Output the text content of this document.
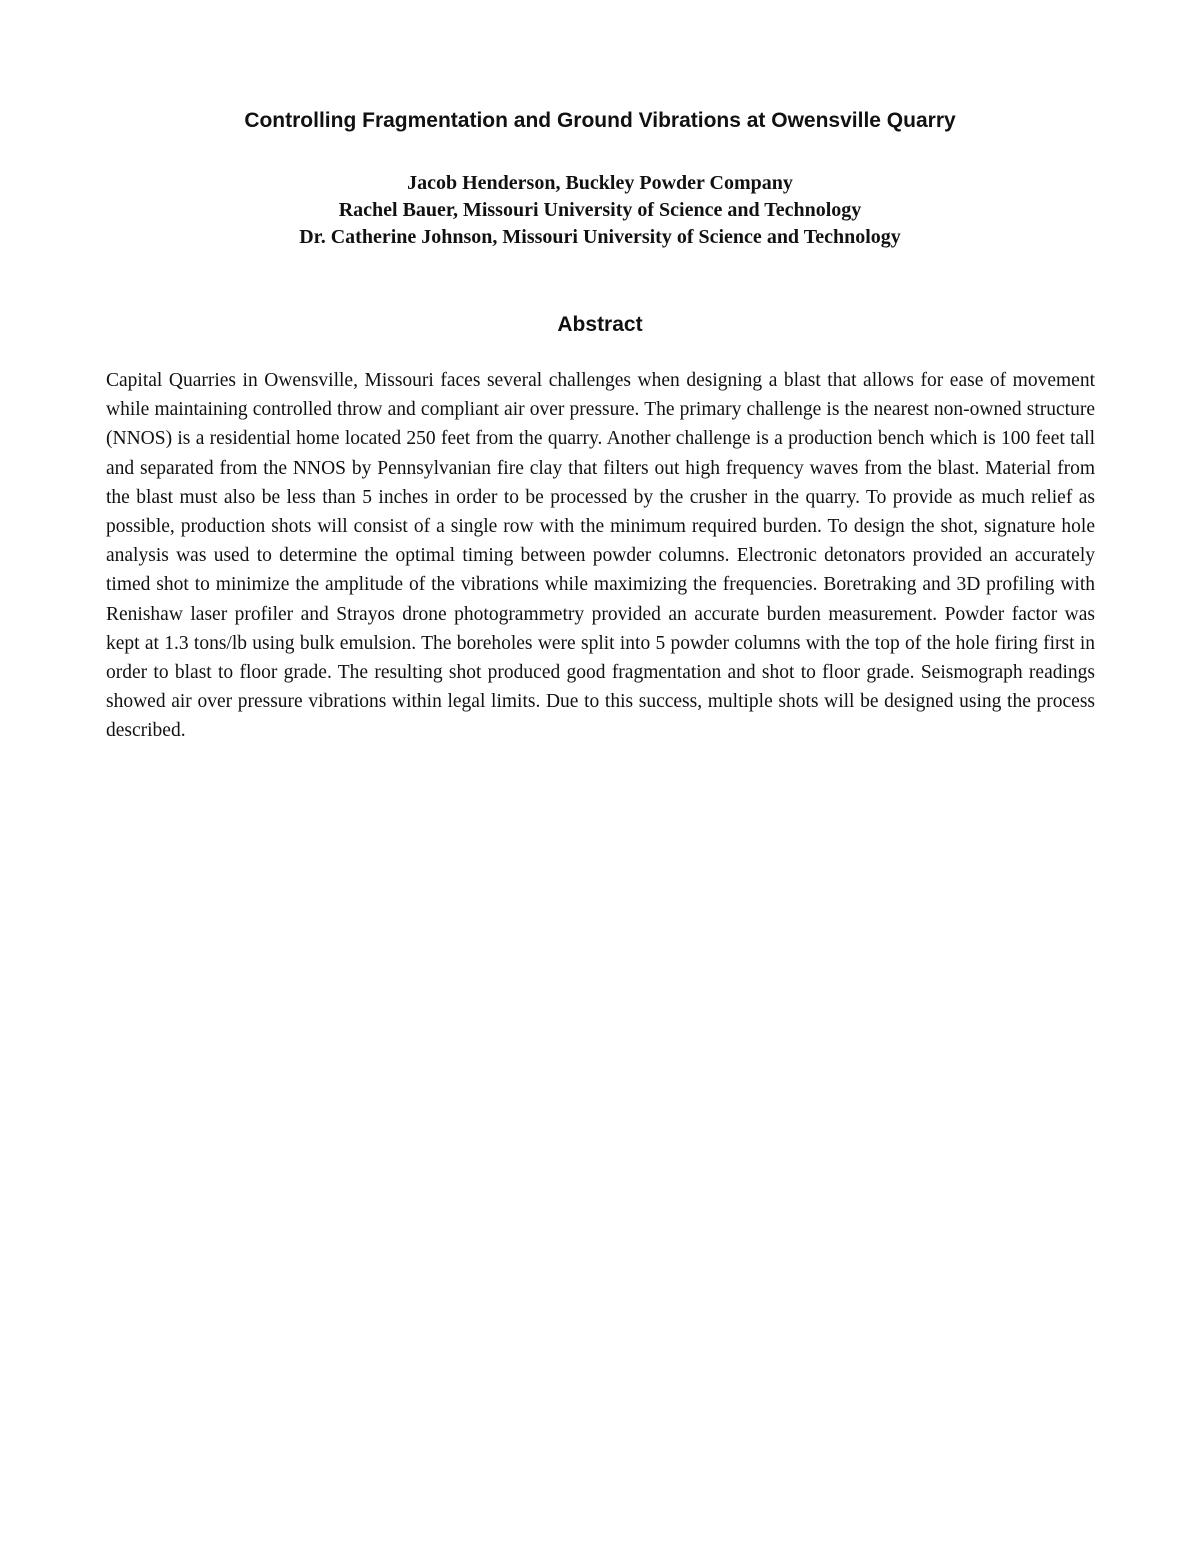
Controlling Fragmentation and Ground Vibrations at Owensville Quarry
Jacob Henderson, Buckley Powder Company
Rachel Bauer, Missouri University of Science and Technology
Dr. Catherine Johnson, Missouri University of Science and Technology
Abstract

Capital Quarries in Owensville, Missouri faces several challenges when designing a blast that allows for ease of movement while maintaining controlled throw and compliant air over pressure. The primary challenge is the nearest non-owned structure (NNOS) is a residential home located 250 feet from the quarry. Another challenge is a production bench which is 100 feet tall and separated from the NNOS by Pennsylvanian fire clay that filters out high frequency waves from the blast. Material from the blast must also be less than 5 inches in order to be processed by the crusher in the quarry. To provide as much relief as possible, production shots will consist of a single row with the minimum required burden. To design the shot, signature hole analysis was used to determine the optimal timing between powder columns. Electronic detonators provided an accurately timed shot to minimize the amplitude of the vibrations while maximizing the frequencies. Boretraking and 3D profiling with Renishaw laser profiler and Strayos drone photogrammetry provided an accurate burden measurement. Powder factor was kept at 1.3 tons/lb using bulk emulsion. The boreholes were split into 5 powder columns with the top of the hole firing first in order to blast to floor grade. The resulting shot produced good fragmentation and shot to floor grade. Seismograph readings showed air over pressure vibrations within legal limits. Due to this success, multiple shots will be designed using the process described.
